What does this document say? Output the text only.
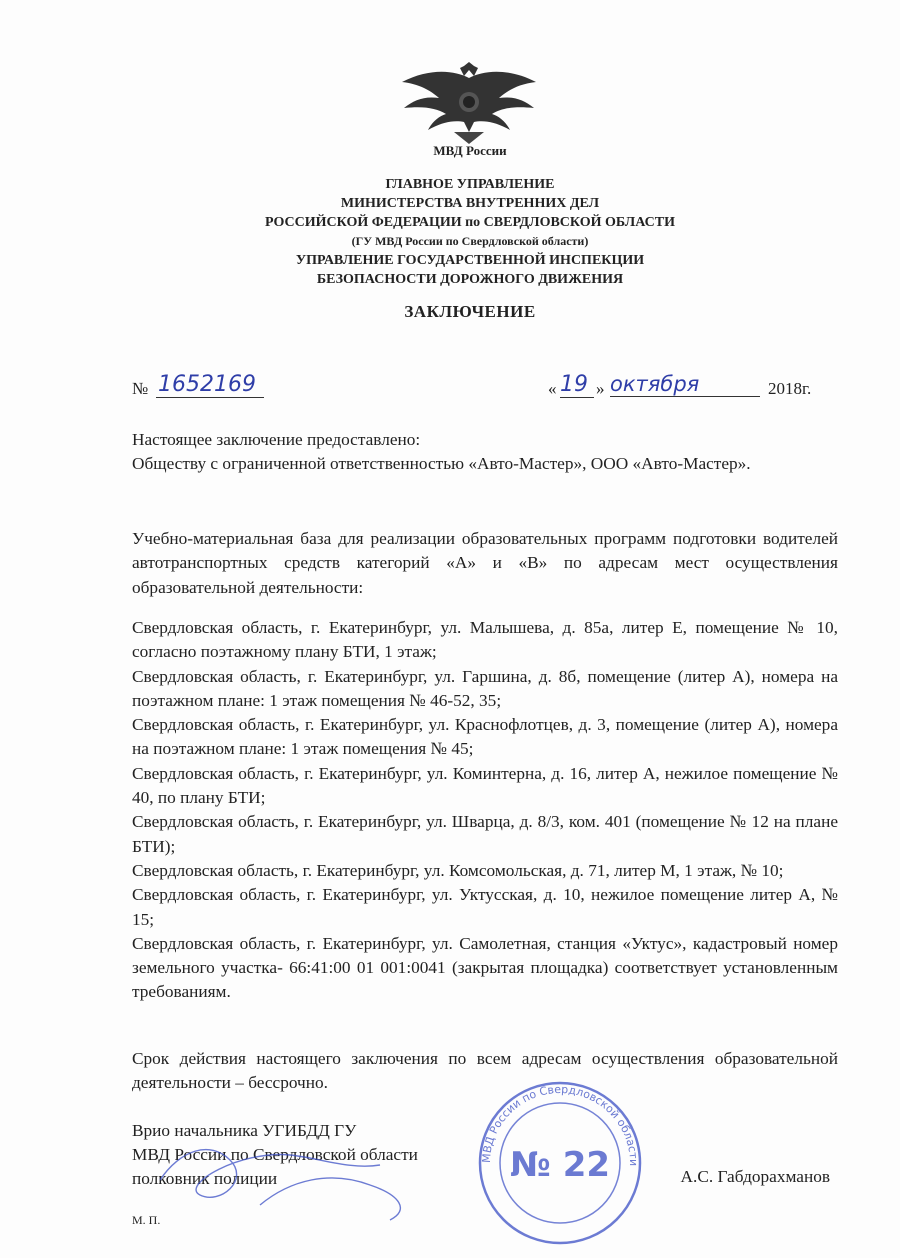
МВД России
ГЛАВНОЕ УПРАВЛЕНИЕ
МИНИСТЕРСТВА ВНУТРЕННИХ ДЕЛ
РОССИЙСКОЙ ФЕДЕРАЦИИ по СВЕРДЛОВСКОЙ ОБЛАСТИ
(ГУ МВД России по Свердловской области)
УПРАВЛЕНИЕ ГОСУДАРСТВЕННОЙ ИНСПЕКЦИИ
БЕЗОПАСНОСТИ ДОРОЖНОГО ДВИЖЕНИЯ
ЗАКЛЮЧЕНИЕ
№ 1652169	« 19 » октября	2018г.

Настоящее заключение предоставлено:

Обществу с ограниченной ответственностью «Авто-Мастер», ООО «Авто-Мастер».

Учебно-материальная база для реализации образовательных программ подготовки водителей автотранспортных средств категорий «А» и «В» по адресам мест осуществления образовательной деятельности:

Свердловская область, г. Екатеринбург, ул. Малышева, д. 85а, литер Е, помещение № 10, согласно поэтажному плану БТИ, 1 этаж;

Свердловская область, г. Екатеринбург, ул. Гаршина, д. 8б, помещение (литер А), номера на поэтажном плане: 1 этаж помещения № 46-52, 35;

Свердловская область, г. Екатеринбург, ул. Краснофлотцев, д. 3, помещение (литер А), номера на поэтажном плане: 1 этаж помещения № 45;

Свердловская область, г. Екатеринбург, ул. Коминтерна, д. 16, литер А, нежилое помещение № 40, по плану БТИ;

Свердловская область, г. Екатеринбург, ул. Шварца, д. 8/3, ком. 401 (помещение № 12 на плане БТИ);

Свердловская область, г. Екатеринбург, ул. Комсомольская, д. 71, литер М, 1 этаж, № 10;

Свердловская область, г. Екатеринбург, ул. Уктусская, д. 10, нежилое помещение литер А, № 15;

Свердловская область, г. Екатеринбург, ул. Самолетная, станция «Уктус», кадастровый номер земельного участка- 66:41:00 01 001:0041 (закрытая площадка) соответствует установленным требованиям.

Срок действия настоящего заключения по всем адресам осуществления образовательной деятельности – бессрочно.

Врио начальника УГИБДД ГУ
МВД России по Свердловской области
полковник полиции	А.С. Габдорахманов
М. П.
МВД России по Свердловской области
№ 22
